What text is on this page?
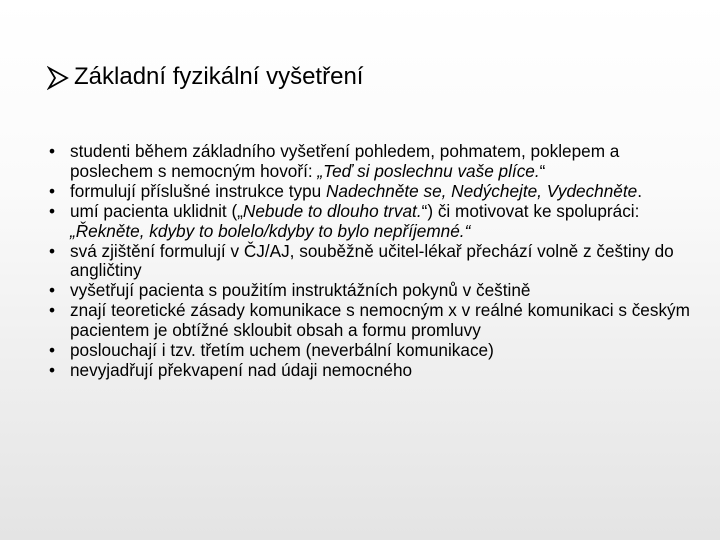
Základní fyzikální vyšetření
• studenti během základního vyšetření pohledem, pohmatem, poklepem a poslechem s nemocným hovoří: „Teď si poslechnu vaše plíce.“
• formulují příslušné instrukce typu Nadechněte se, Nedýchejte, Vydechněte.
• umí pacienta uklidnit („Nebude to dlouho trvat.“) či motivovat ke spolupráci: „Řekněte, kdyby to bolelo/kdyby to bylo nepříjemné.“
• svá zjištění formulují v ČJ/AJ, souběžně učitel-lékař přechází volně z češtiny do angličtiny
• vyšetřují pacienta s použitím instruktážních pokynů v češtině
• znají teoretické zásady komunikace s nemocným x v reálné komunikaci s českým pacientem je obtížné skloubit obsah a formu promluvy
• poslouchají i tzv. třetím uchem (neverbální komunikace)
• nevyjadřují překvapení nad údaji nemocného
